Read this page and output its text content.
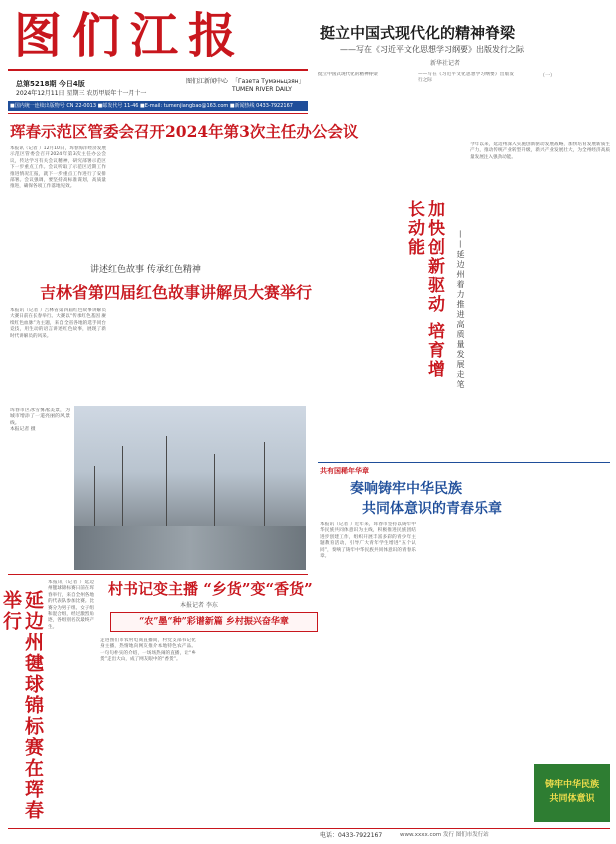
图们江报
总第5218期 今日4版
2024年12月11日 星期三 农历甲辰年十一月十一
图们江新闻中心 「Газета Тумэньцзян」
TUMEN RIVER DAILY
■国内统一连续出版物号 CN 22-0013 ■邮发代号 11-46 ■E-mail: tumenjiangbao@163.com ■新闻热线 0433-7922167
挺立中国式现代化的精神脊梁
——写在《习近平文化思想学习纲要》出版发行之际
新华社记者
挺立中国式现代化的精神脊梁	——写在《习近平文化思想学习纲要》出版发行之际
（一）
珲春示范区管委会召开2024年第3次主任办公会议
本报讯（记者 ）12月10日，珲春海洋经济发展示范区管委会召开2024年第3次主任办公会议，传达学习有关会议精神，研究部署示范区下一步重点工作。会议听取了示范区近期工作推进情况汇报，就下一步重点工作进行了安排部署。会议强调，要坚持高标准谋划，高质量推进，确保各项工作落地见效。
讲述红色故事 传承红色精神
吉林省第四届红色故事讲解员大赛举行
本报讯（记者 ）吉林省第四届红色故事讲解员大赛日前在长春举行。大赛以“传承红色基因 赓续红色血脉”为主题，来自全省各地的选手同台竞技，用生动的语言讲述红色故事，展现了新时代讲解员的风采。
珲春市区冰雪雾凇美景，为城市增添了一道亮丽的风景线。
本报记者 摄
延边州毽球锦标赛在珲春举行
本报讯（记者 ）延边州毽球锦标赛日前在珲春举行，来自全州各地的代表队参加比赛。比赛分为男子组、女子组和混合组，经过激烈角逐，各组别名次最终产生。
加快创新驱动 培育增长动能
——延边州着力推进高质量发展走笔
今年以来，延边州深入实施创新驱动发展战略，加快培育发展新质生产力，推动传统产业转型升级，新兴产业发展壮大，为全州经济高质量发展注入强劲动能。
村书记变主播 “乡货”变“香货”
本报记者 李东
“农”墨“种”彩谱新篇 乡村振兴奋华章
走进图们市农村电商直播间，村党支部书记化身主播，热情地向网友推介本地特色农产品。一句句朴实的介绍，一场场热闹的直播，让“乡货”走出大山，成了网友眼中的“香货”。
共有国稀年华章
奏响铸牢中华民族
共同体意识的青春乐章
本报讯（记者 ）近年来，珲春市坚持以铸牢中华民族共同体意识为主线，积极推进民族团结进步创建工作，组织开展丰富多彩的青少年主题教育活动，引导广大青年学生增进“五个认同”，奏响了铸牢中华民族共同体意识的青春乐章。
铸牢中华民族
共同体意识
电话：0433-7922167	www.xxxx.com 发行 图们市发行站
